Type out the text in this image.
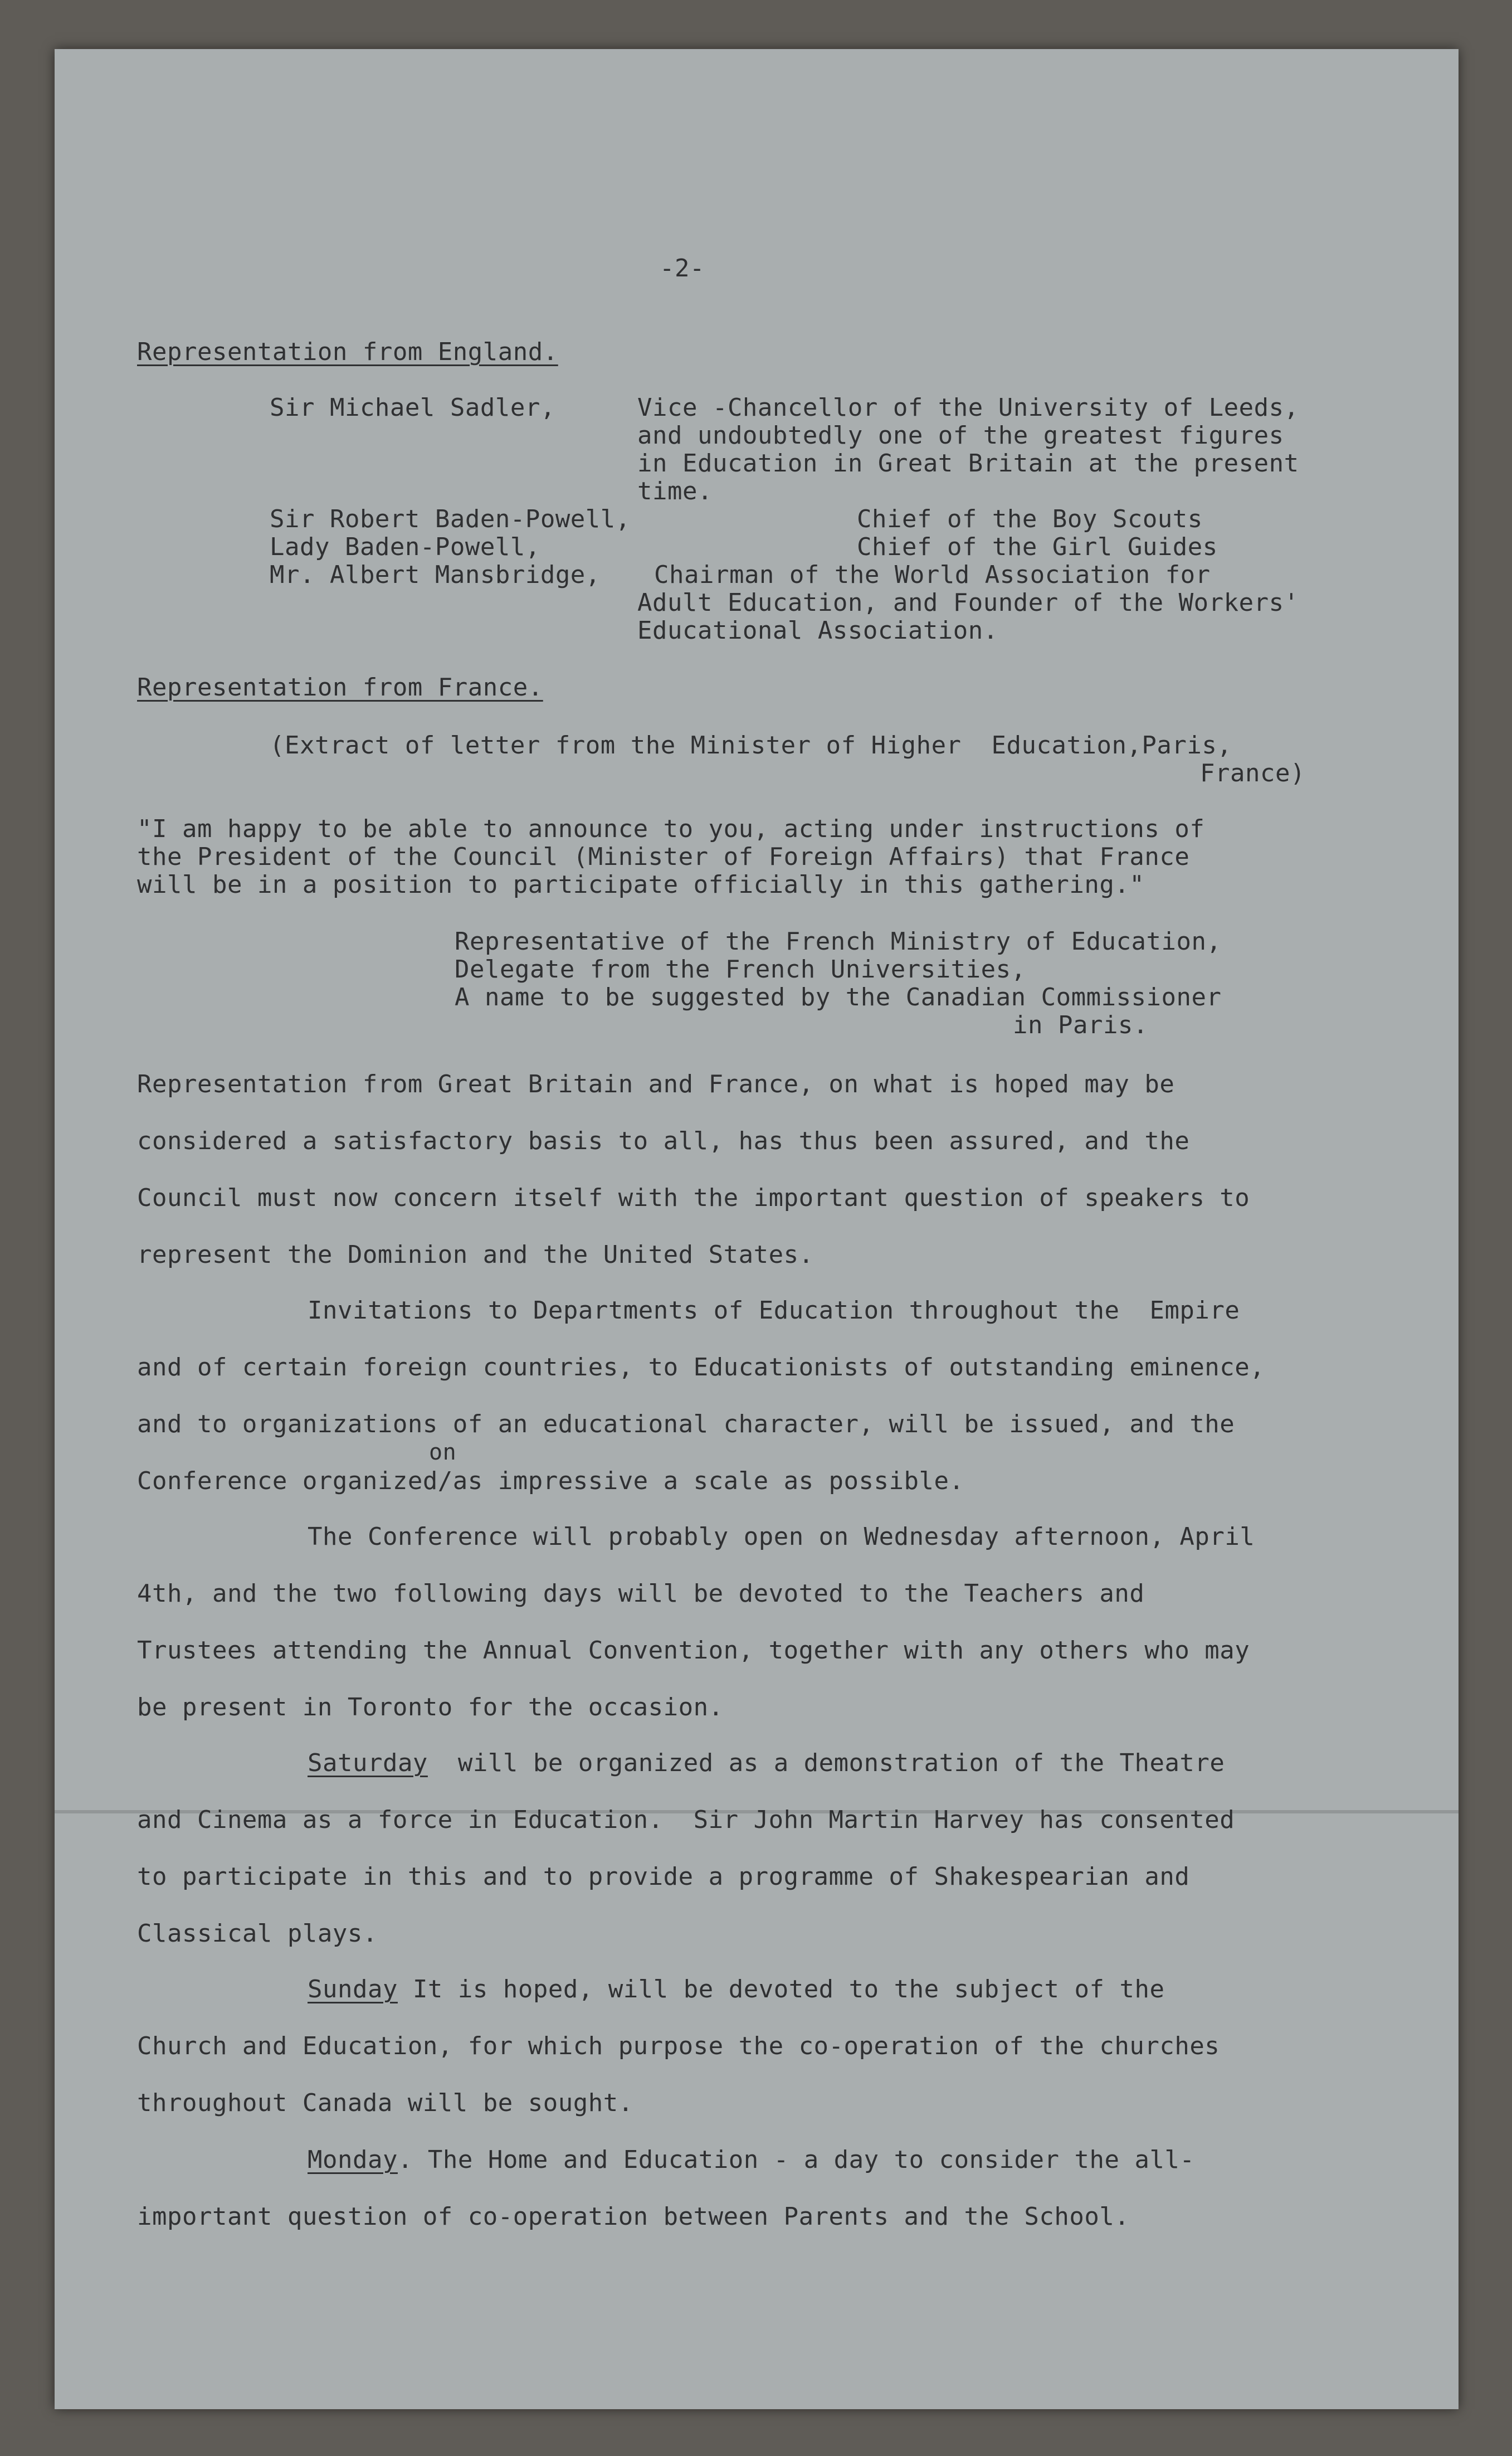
-2-
Representation from England.
Sir Michael Sadler,	Vice -Chancellor of the University of Leeds,
and undoubtedly one of the greatest figures
in Education in Great Britain at the present
time.
Sir Robert Baden-Powell,	Chief of the Boy Scouts
Lady Baden-Powell,	Chief of the Girl Guides
Mr. Albert Mansbridge, Chairman of the World Association for
Adult Education, and Founder of the Workers'
Educational Association.
Representation from France.
(Extract of letter from the Minister of Higher  Education,Paris,
France)
"I am happy to be able to announce to you, acting under instructions of
the President of the Council (Minister of Foreign Affairs) that France
will be in a position to participate officially in this gathering."
Representative of the French Ministry of Education,
Delegate from the French Universities,
A name to be suggested by the Canadian Commissioner
in Paris.
Representation from Great Britain and France, on what is hoped may be
considered a satisfactory basis to all, has thus been assured, and the
Council must now concern itself with the important question of speakers to
represent the Dominion and the United States.
Invitations to Departments of Education throughout the  Empire
and of certain foreign countries, to Educationists of outstanding eminence,
and to organizations of an educational character, will be issued, and the
on
Conference organized/as impressive a scale as possible.
The Conference will probably open on Wednesday afternoon, April
4th, and the two following days will be devoted to the Teachers and
Trustees attending the Annual Convention, together with any others who may
be present in Toronto for the occasion.
Saturday  will be organized as a demonstration of the Theatre
and Cinema as a force in Education.  Sir John Martin Harvey has consented
to participate in this and to provide a programme of Shakespearian and
Classical plays.
Sunday It is hoped, will be devoted to the subject of the
Church and Education, for which purpose the co-operation of the churches
throughout Canada will be sought.
Monday. The Home and Education - a day to consider the all-
important question of co-operation between Parents and the School.
